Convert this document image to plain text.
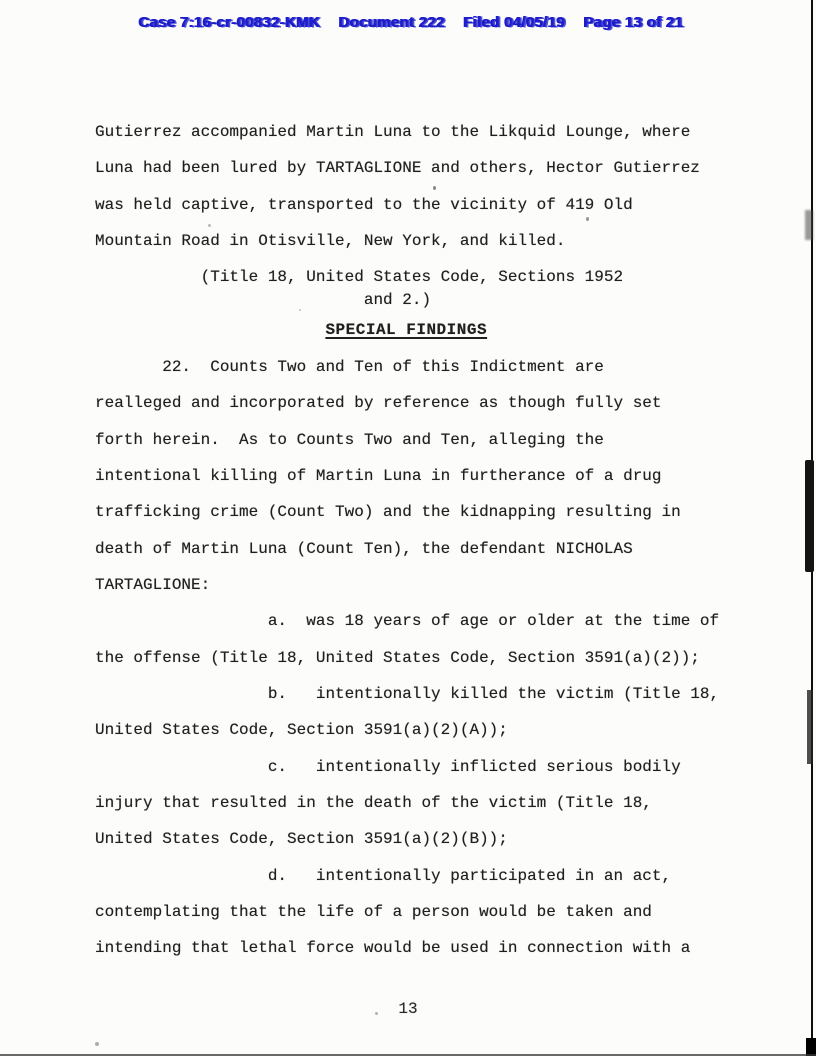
Case 7:16-cr-00832-KMK Document 222 Filed 04/05/19 Page 13 of 21
Gutierrez accompanied Martin Luna to the Likquid Lounge, where
Luna had been lured by TARTAGLIONE and others, Hector Gutierrez
was held captive, transported to the vicinity of 419 Old
Mountain Road in Otisville, New York, and killed.
(Title 18, United States Code, Sections 1952
and 2.)
SPECIAL FINDINGS
22.  Counts Two and Ten of this Indictment are
realleged and incorporated by reference as though fully set
forth herein.  As to Counts Two and Ten, alleging the
intentional killing of Martin Luna in furtherance of a drug
trafficking crime (Count Two) and the kidnapping resulting in
death of Martin Luna (Count Ten), the defendant NICHOLAS
TARTAGLIONE:
a.  was 18 years of age or older at the time of
the offense (Title 18, United States Code, Section 3591(a)(2));
b.   intentionally killed the victim (Title 18,
United States Code, Section 3591(a)(2)(A));
c.   intentionally inflicted serious bodily
injury that resulted in the death of the victim (Title 18,
United States Code, Section 3591(a)(2)(B));
d.   intentionally participated in an act,
contemplating that the life of a person would be taken and
intending that lethal force would be used in connection with a
13
